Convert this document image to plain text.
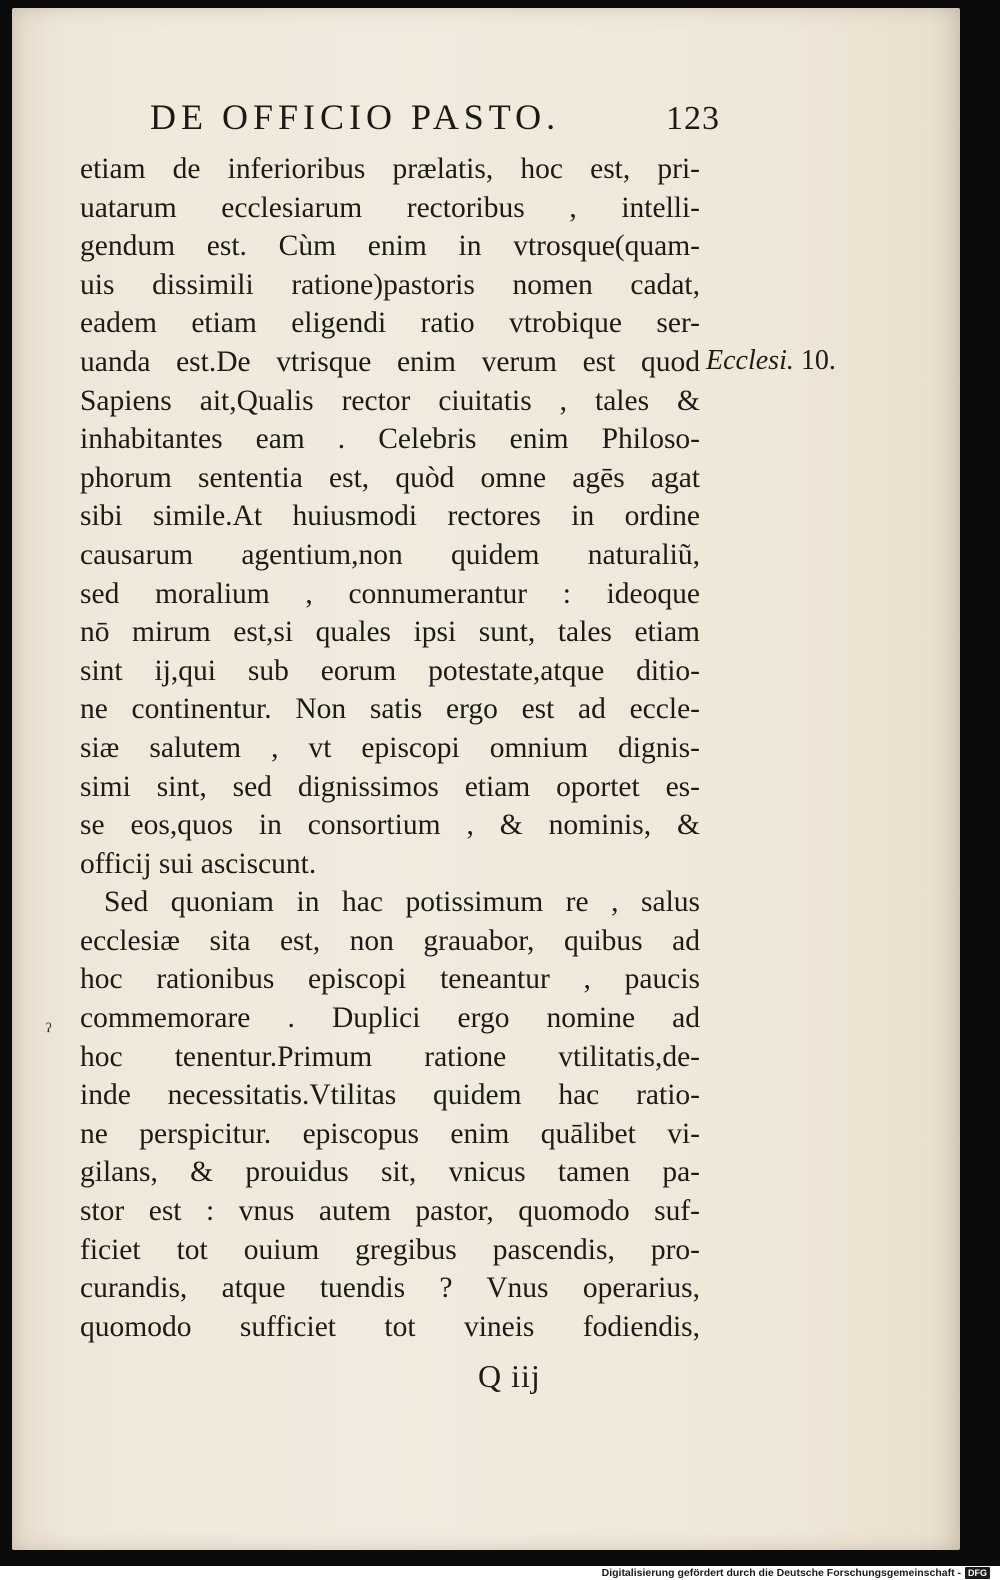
DE OFFICIO PASTO.	123
Ecclesi. 10.
etiam de inferioribus prælatis, hoc est, pri-
uatarum ecclesiarum rectoribus , intelli-
gendum est. Cùm enim in vtrosque(quam-
uis dissimili ratione)pastoris nomen cadat,
eadem etiam eligendi ratio vtrobique ser-
uanda est.De vtrisque enim verum est quod
Sapiens ait,Qualis rector ciuitatis , tales &
inhabitantes eam . Celebris enim Philoso-
phorum sententia est, quòd omne agēs agat
sibi simile.At huiusmodi rectores in ordine
causarum agentium,non quidem naturaliũ,
sed moralium , connumerantur : ideoque
nō mirum est,si quales ipsi sunt, tales etiam
sint ij,qui sub eorum potestate,atque ditio-
ne continentur. Non satis ergo est ad eccle-
siæ salutem , vt episcopi omnium dignis-
simi sint, sed dignissimos etiam oportet es-
se eos,quos in consortium , & nominis, &
officij sui asciscunt.
Sed quoniam in hac potissimum re , salus
ecclesiæ sita est, non grauabor, quibus ad
hoc rationibus episcopi teneantur , paucis
commemorare . Duplici ergo nomine ad
hoc tenentur.Primum ratione vtilitatis,de-
inde necessitatis.Vtilitas quidem hac ratio-
ne perspicitur. episcopus enim quālibet vi-
gilans, & prouidus sit, vnicus tamen pa-
stor est : vnus autem pastor, quomodo suf-
ficiet tot ouium gregibus pascendis, pro-
curandis, atque tuendis ? Vnus operarius,
quomodo sufficiet tot vineis fodiendis,
ˀ
Q iij
Digitalisierung gefördert durch die Deutsche Forschungsgemeinschaft - DFG
